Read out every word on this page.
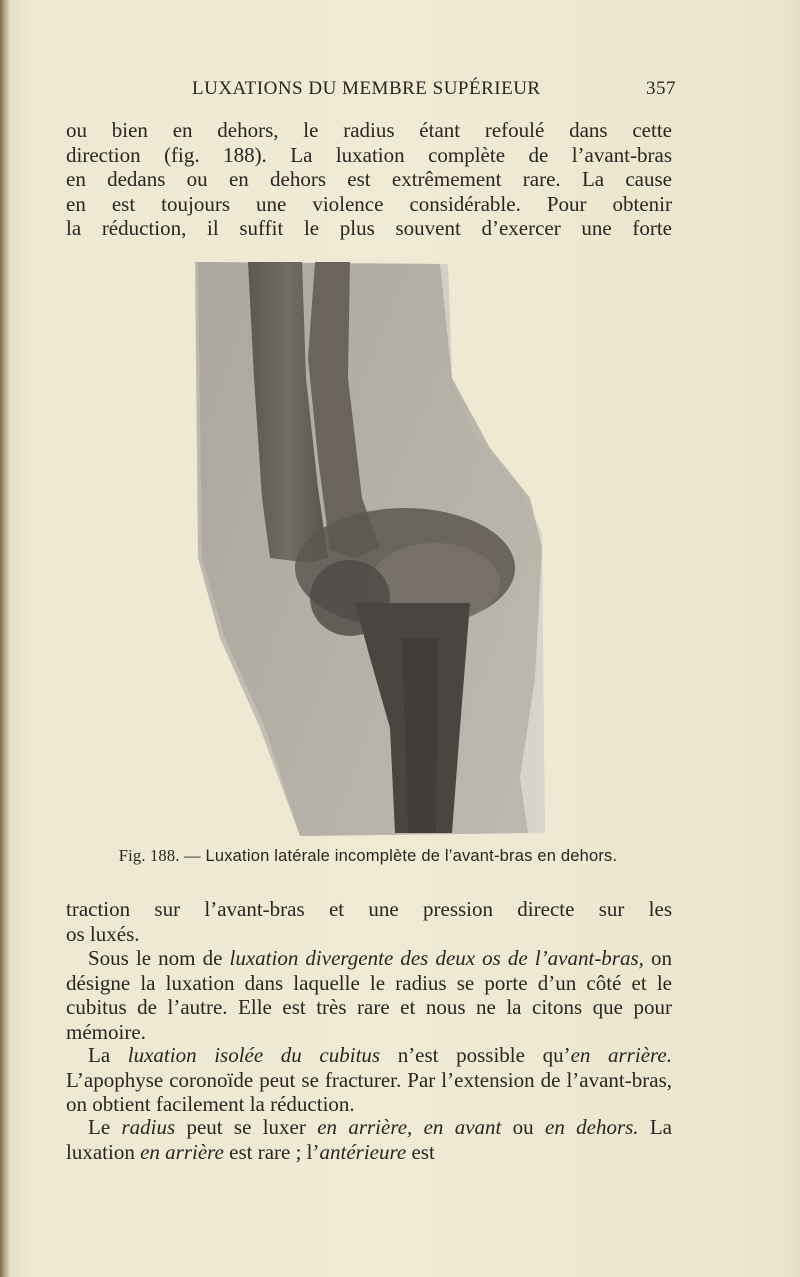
LUXATIONS DU MEMBRE SUPÉRIEUR	357
ou bien en dehors, le radius étant refoulé dans cette
direction (fig. 188). La luxation complète de l’avant-bras
en dedans ou en dehors est extrêmement rare. La cause
en est toujours une violence considérable. Pour obtenir
la réduction, il suffit le plus souvent d’exercer une forte
Fig. 188. — Luxation latérale incomplète de l’avant-bras en dehors.
traction sur l’avant-bras et une pression directe sur les
os luxés.
Sous le nom de luxation divergente des deux os de l’avant-bras, on désigne la luxation dans laquelle le radius se porte d’un côté et le cubitus de l’autre. Elle est très rare et nous ne la citons que pour mémoire.
La luxation isolée du cubitus n’est possible qu’en arrière. L’apophyse coronoïde peut se fracturer. Par l’extension de l’avant-bras, on obtient facilement la réduction.
Le radius peut se luxer en arrière, en avant ou en dehors. La luxation en arrière est rare ; l’antérieure est
